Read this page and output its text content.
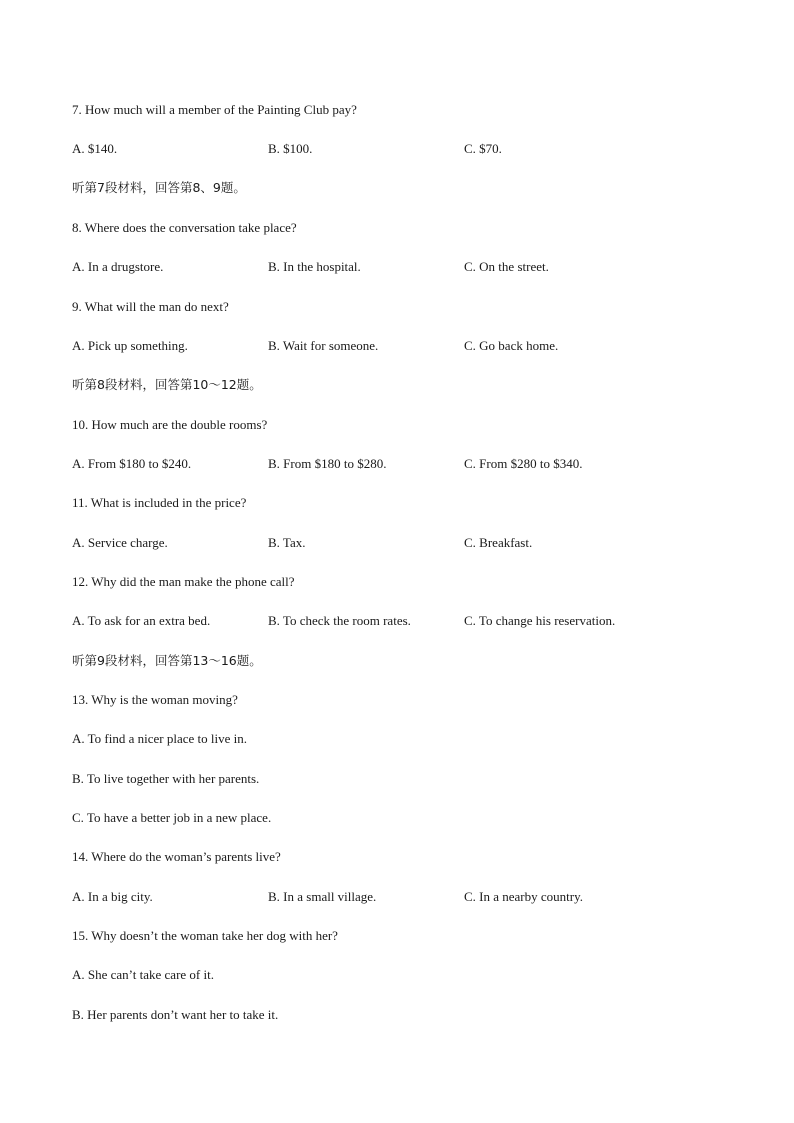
7. How much will a member of the Painting Club pay?
A. $140.	B. $100.	C. $70.
听第7段材料，回答第8、9题。
8. Where does the conversation take place?
A. In a drugstore.	B. In the hospital.	C. On the street.
9. What will the man do next?
A. Pick up something.	B. Wait for someone.	C. Go back home.
听第8段材料，回答第10～12题。
10. How much are the double rooms?
A. From $180 to $240.	B. From $180 to $280.	C. From $280 to $340.
11. What is included in the price?
A. Service charge.	B. Tax.	C. Breakfast.
12. Why did the man make the phone call?
A. To ask for an extra bed.	B. To check the room rates.	C. To change his reservation.
听第9段材料，回答第13～16题。
13. Why is the woman moving?
A. To find a nicer place to live in.
B. To live together with her parents.
C. To have a better job in a new place.
14. Where do the woman’s parents live?
A. In a big city.	B. In a small village.	C. In a nearby country.
15. Why doesn’t the woman take her dog with her?
A. She can’t take care of it.
B. Her parents don’t want her to take it.
